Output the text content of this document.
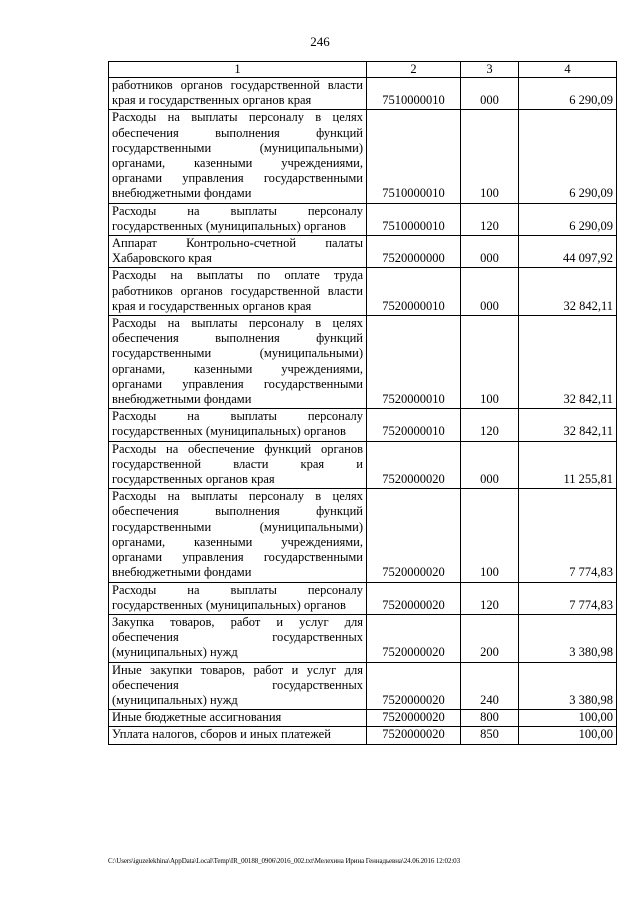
246
1	2	3	4
работников органов государственной власти края и государственных органов края	7510000010	000	6 290,09
Расходы на выплаты персоналу в целях обеспечения выполнения функций государственными (муниципальными) органами, казенными учреждениями, органами управления государственными внебюджетными фондами	7510000010	100	6 290,09
Расходы на выплаты персоналу государственных (муниципальных) органов	7510000010	120	6 290,09
Аппарат Контрольно-счетной палаты Хабаровского края	7520000000	000	44 097,92
Расходы на выплаты по оплате труда работников органов государственной власти края и государственных органов края	7520000010	000	32 842,11
Расходы на выплаты персоналу в целях обеспечения выполнения функций государственными (муниципальными) органами, казенными учреждениями, органами управления государственными внебюджетными фондами	7520000010	100	32 842,11
Расходы на выплаты персоналу государственных (муниципальных) органов	7520000010	120	32 842,11
Расходы на обеспечение функций органов государственной власти края и государственных органов края	7520000020	000	11 255,81
Расходы на выплаты персоналу в целях обеспечения выполнения функций государственными (муниципальными) органами, казенными учреждениями, органами управления государственными внебюджетными фондами	7520000020	100	7 774,83
Расходы на выплаты персоналу государственных (муниципальных) органов	7520000020	120	7 774,83
Закупка товаров, работ и услуг для обеспечения государственных (муниципальных) нужд	7520000020	200	3 380,98
Иные закупки товаров, работ и услуг для обеспечения государственных (муниципальных) нужд	7520000020	240	3 380,98
Иные бюджетные ассигнования	7520000020	800	100,00
Уплата налогов, сборов и иных платежей	7520000020	850	100,00
C:\Users\iguzelekhina\AppData\Local\Temp\IR_00188_0906\2016_002.txt\Мелехина Ирина Геннадьевна\24.06.2016 12:02:03
